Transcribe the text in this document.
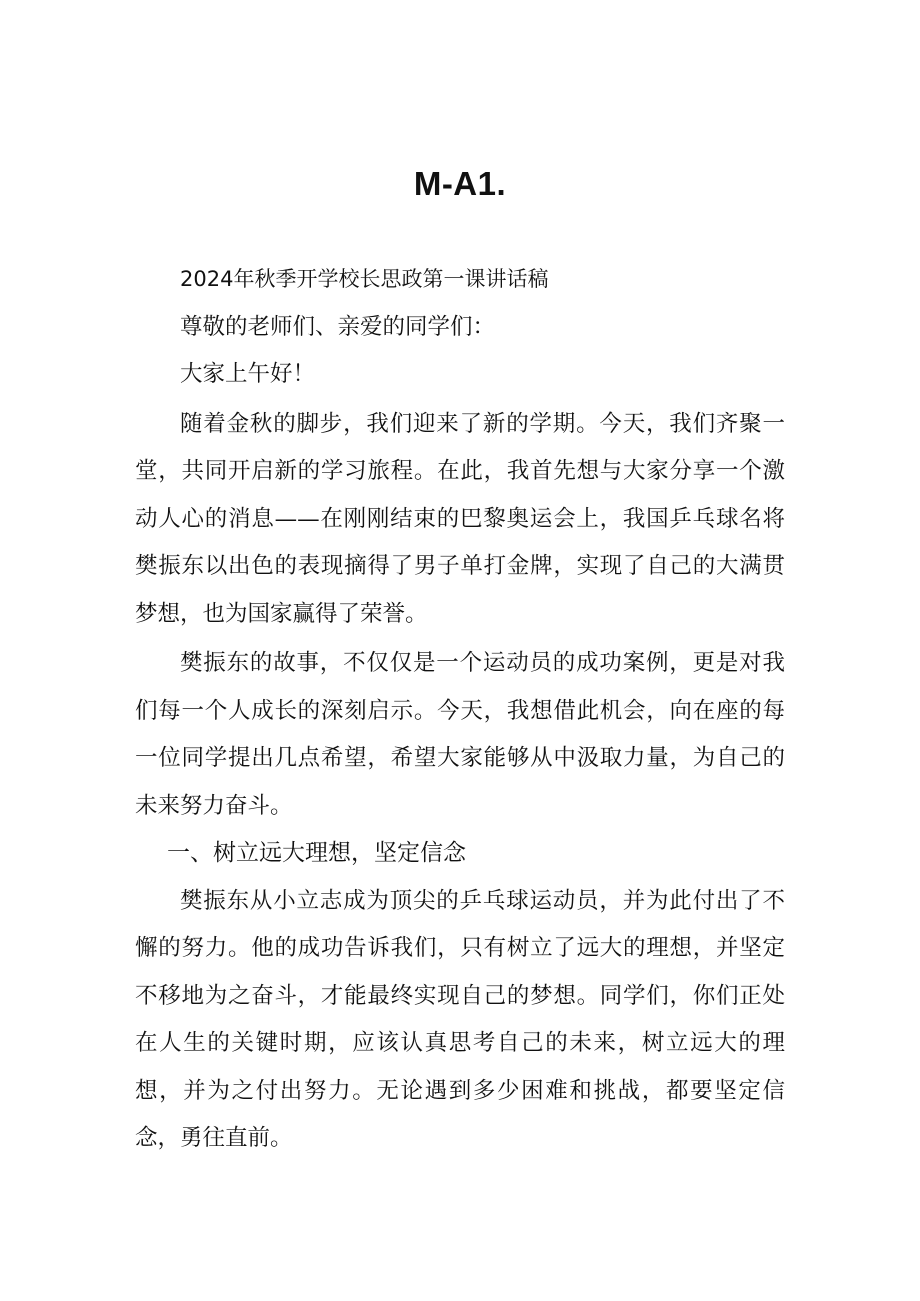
M-A1.

2024年秋季开学校长思政第一课讲话稿

尊敬的老师们、亲爱的同学们：

大家上午好！

随着金秋的脚步，我们迎来了新的学期。今天，我们齐聚一堂，共同开启新的学习旅程。在此，我首先想与大家分享一个激动人心的消息——在刚刚结束的巴黎奥运会上，我国乒乓球名将樊振东以出色的表现摘得了男子单打金牌，实现了自己的大满贯梦想，也为国家赢得了荣誉。

樊振东的故事，不仅仅是一个运动员的成功案例，更是对我们每一个人成长的深刻启示。今天，我想借此机会，向在座的每一位同学提出几点希望，希望大家能够从中汲取力量，为自己的未来努力奋斗。

一、树立远大理想，坚定信念

樊振东从小立志成为顶尖的乒乓球运动员，并为此付出了不懈的努力。他的成功告诉我们，只有树立了远大的理想，并坚定不移地为之奋斗，才能最终实现自己的梦想。同学们，你们正处在人生的关键时期，应该认真思考自己的未来，树立远大的理想，并为之付出努力。无论遇到多少困难和挑战，都要坚定信念，勇往直前。
